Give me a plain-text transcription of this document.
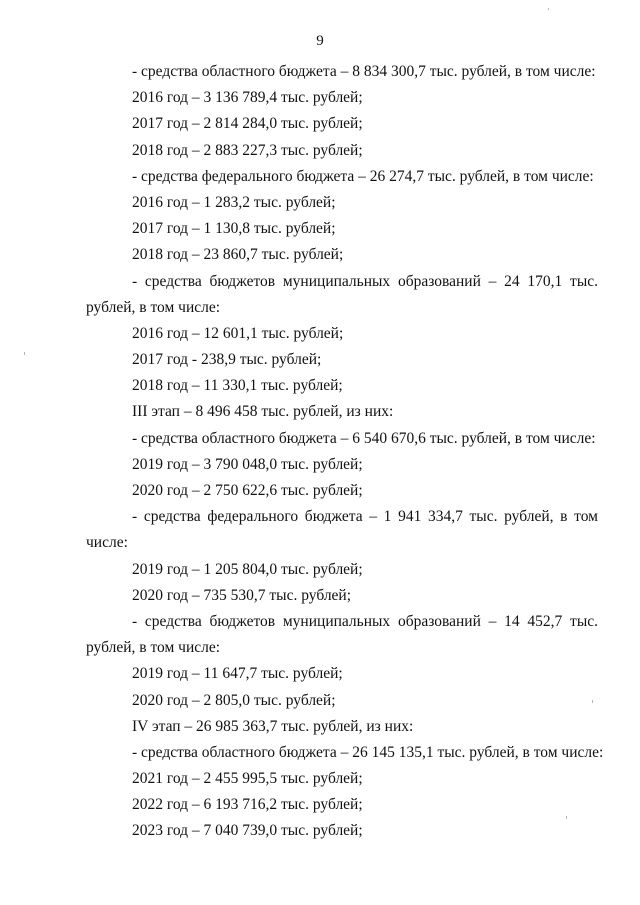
9
- средства областного бюджета – 8 834 300,7 тыс. рублей, в том числе:
2016 год – 3 136 789,4 тыс. рублей;
2017 год – 2 814 284,0 тыс. рублей;
2018 год – 2 883 227,3 тыс. рублей;
- средства федерального бюджета – 26 274,7 тыс. рублей, в том числе:
2016 год – 1 283,2 тыс. рублей;
2017 год – 1 130,8 тыс. рублей;
2018 год – 23 860,7 тыс. рублей;
- средства бюджетов муниципальных образований – 24 170,1 тыс.
рублей, в том числе:
2016 год – 12 601,1 тыс. рублей;
2017 год - 238,9 тыс. рублей;
2018 год – 11 330,1 тыс. рублей;
III этап – 8 496 458 тыс. рублей, из них:
- средства областного бюджета – 6 540 670,6 тыс. рублей, в том числе:
2019 год – 3 790 048,0 тыс. рублей;
2020 год – 2 750 622,6 тыс. рублей;
- средства федерального бюджета – 1 941 334,7 тыс. рублей, в том
числе:
2019 год – 1 205 804,0 тыс. рублей;
2020 год – 735 530,7 тыс. рублей;
- средства бюджетов муниципальных образований – 14 452,7 тыс.
рублей, в том числе:
2019 год – 11 647,7 тыс. рублей;
2020 год – 2 805,0 тыс. рублей;
IV этап – 26 985 363,7 тыс. рублей, из них:
- средства областного бюджета – 26 145 135,1 тыс. рублей, в том числе:
2021 год – 2 455 995,5 тыс. рублей;
2022 год – 6 193 716,2 тыс. рублей;
2023 год – 7 040 739,0 тыс. рублей;
